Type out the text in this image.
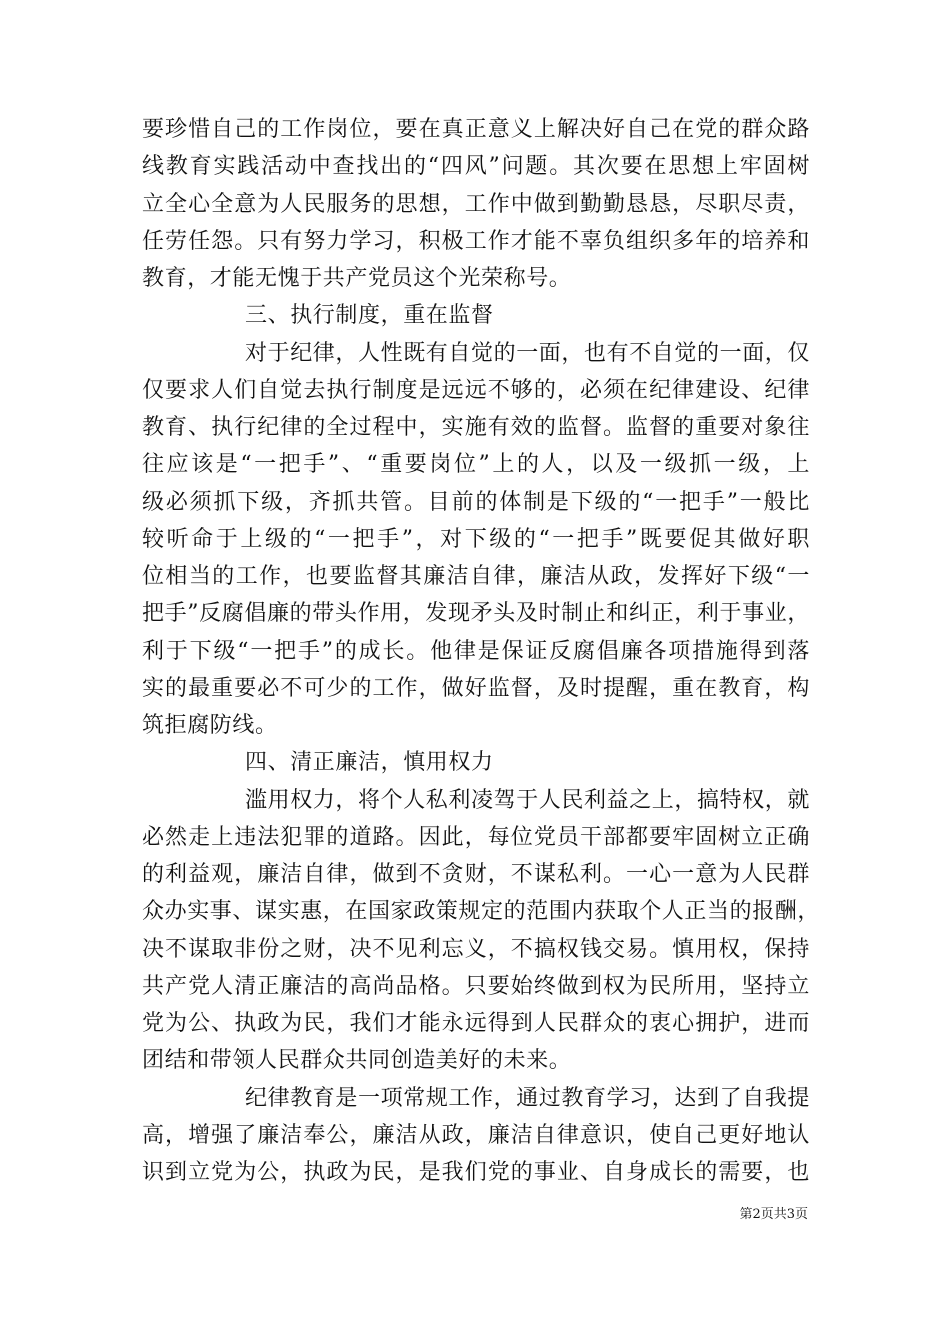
要珍惜自己的工作岗位，要在真正意义上解决好自己在党的群众路
线教育实践活动中查找出的“四风”问题。其次要在思想上牢固树
立全心全意为人民服务的思想，工作中做到勤勤恳恳，尽职尽责，
任劳任怨。只有努力学习，积极工作才能不辜负组织多年的培养和
教育，才能无愧于共产党员这个光荣称号。
三、执行制度，重在监督
对于纪律，人性既有自觉的一面，也有不自觉的一面，仅
仅要求人们自觉去执行制度是远远不够的，必须在纪律建设、纪律
教育、执行纪律的全过程中，实施有效的监督。监督的重要对象往
往应该是“一把手”、“重要岗位”上的人，以及一级抓一级，上
级必须抓下级，齐抓共管。目前的体制是下级的“一把手”一般比
较听命于上级的“一把手”，对下级的“一把手”既要促其做好职
位相当的工作，也要监督其廉洁自律，廉洁从政，发挥好下级“一
把手”反腐倡廉的带头作用，发现矛头及时制止和纠正，利于事业，
利于下级“一把手”的成长。他律是保证反腐倡廉各项措施得到落
实的最重要必不可少的工作，做好监督，及时提醒，重在教育，构
筑拒腐防线。
四、清正廉洁，慎用权力
滥用权力，将个人私利凌驾于人民利益之上，搞特权，就
必然走上违法犯罪的道路。因此，每位党员干部都要牢固树立正确
的利益观，廉洁自律，做到不贪财，不谋私利。一心一意为人民群
众办实事、谋实惠，在国家政策规定的范围内获取个人正当的报酬，
决不谋取非份之财，决不见利忘义，不搞权钱交易。慎用权，保持
共产党人清正廉洁的高尚品格。只要始终做到权为民所用，坚持立
党为公、执政为民，我们才能永远得到人民群众的衷心拥护，进而
团结和带领人民群众共同创造美好的未来。
纪律教育是一项常规工作，通过教育学习，达到了自我提
高，增强了廉洁奉公，廉洁从政，廉洁自律意识，使自己更好地认
识到立党为公，执政为民，是我们党的事业、自身成长的需要，也
第2页共3页
